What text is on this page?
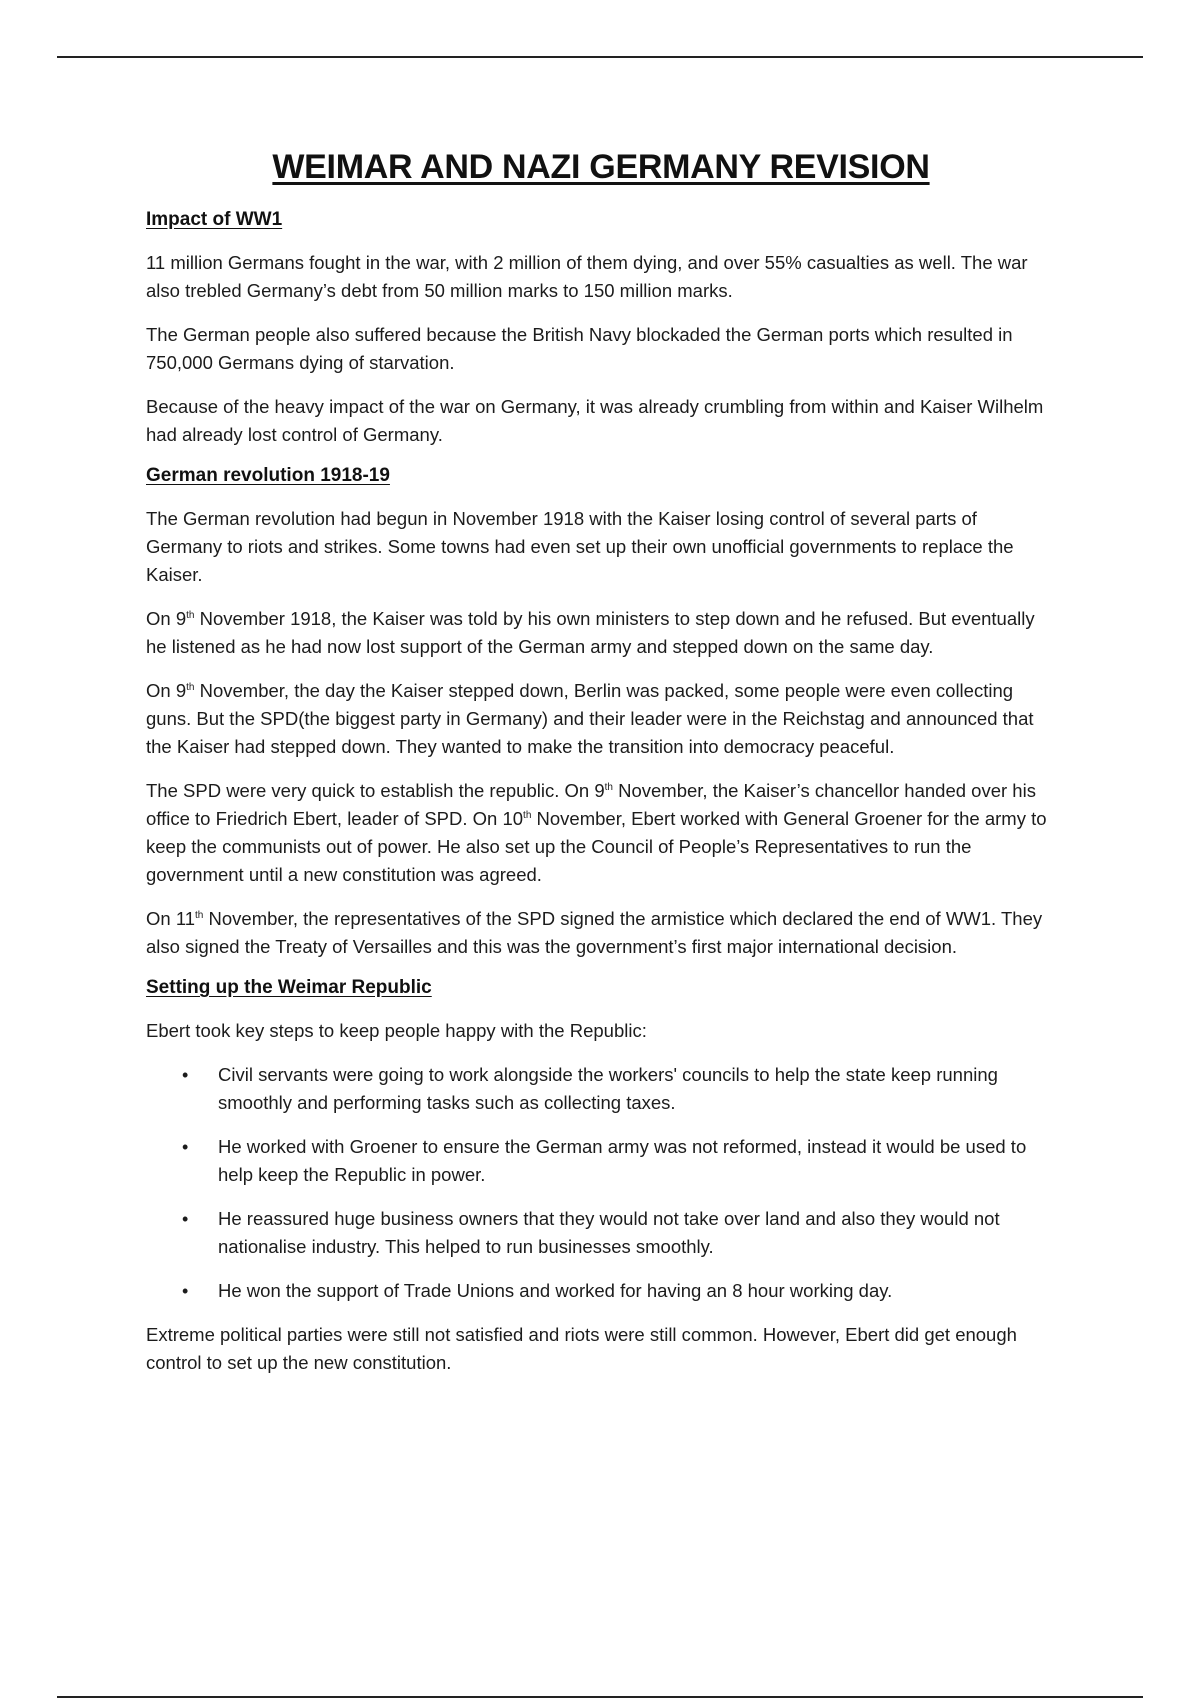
WEIMAR AND NAZI GERMANY REVISION
Impact of WW1

11 million Germans fought in the war, with 2 million of them dying, and over 55% casualties as well. The war also trebled Germany’s debt from 50 million marks to 150 million marks.

The German people also suffered because the British Navy blockaded the German ports which resulted in 750,000 Germans dying of starvation.

Because of the heavy impact of the war on Germany, it was already crumbling from within and Kaiser Wilhelm had already lost control of Germany.

German revolution 1918-19

The German revolution had begun in November 1918 with the Kaiser losing control of several parts of Germany to riots and strikes. Some towns had even set up their own unofficial governments to replace the Kaiser.

On 9th November 1918, the Kaiser was told by his own ministers to step down and he refused. But eventually he listened as he had now lost support of the German army and stepped down on the same day.

On 9th November, the day the Kaiser stepped down, Berlin was packed, some people were even collecting guns. But the SPD(the biggest party in Germany) and their leader were in the Reichstag and announced that the Kaiser had stepped down. They wanted to make the transition into democracy peaceful.

The SPD were very quick to establish the republic. On 9th November, the Kaiser’s chancellor handed over his office to Friedrich Ebert, leader of SPD. On 10th November, Ebert worked with General Groener for the army to keep the communists out of power. He also set up the Council of People’s Representatives to run the government until a new constitution was agreed.

On 11th November, the representatives of the SPD signed the armistice which declared the end of WW1. They also signed the Treaty of Versailles and this was the government’s first major international decision.

Setting up the Weimar Republic

Ebert took key steps to keep people happy with the Republic:

• Civil servants were going to work alongside the workers' councils to help the state keep running smoothly and performing tasks such as collecting taxes.
• He worked with Groener to ensure the German army was not reformed, instead it would be used to help keep the Republic in power.
• He reassured huge business owners that they would not take over land and also they would not nationalise industry. This helped to run businesses smoothly.
• He won the support of Trade Unions and worked for having an 8 hour working day.

Extreme political parties were still not satisfied and riots were still common. However, Ebert did get enough control to set up the new constitution.
